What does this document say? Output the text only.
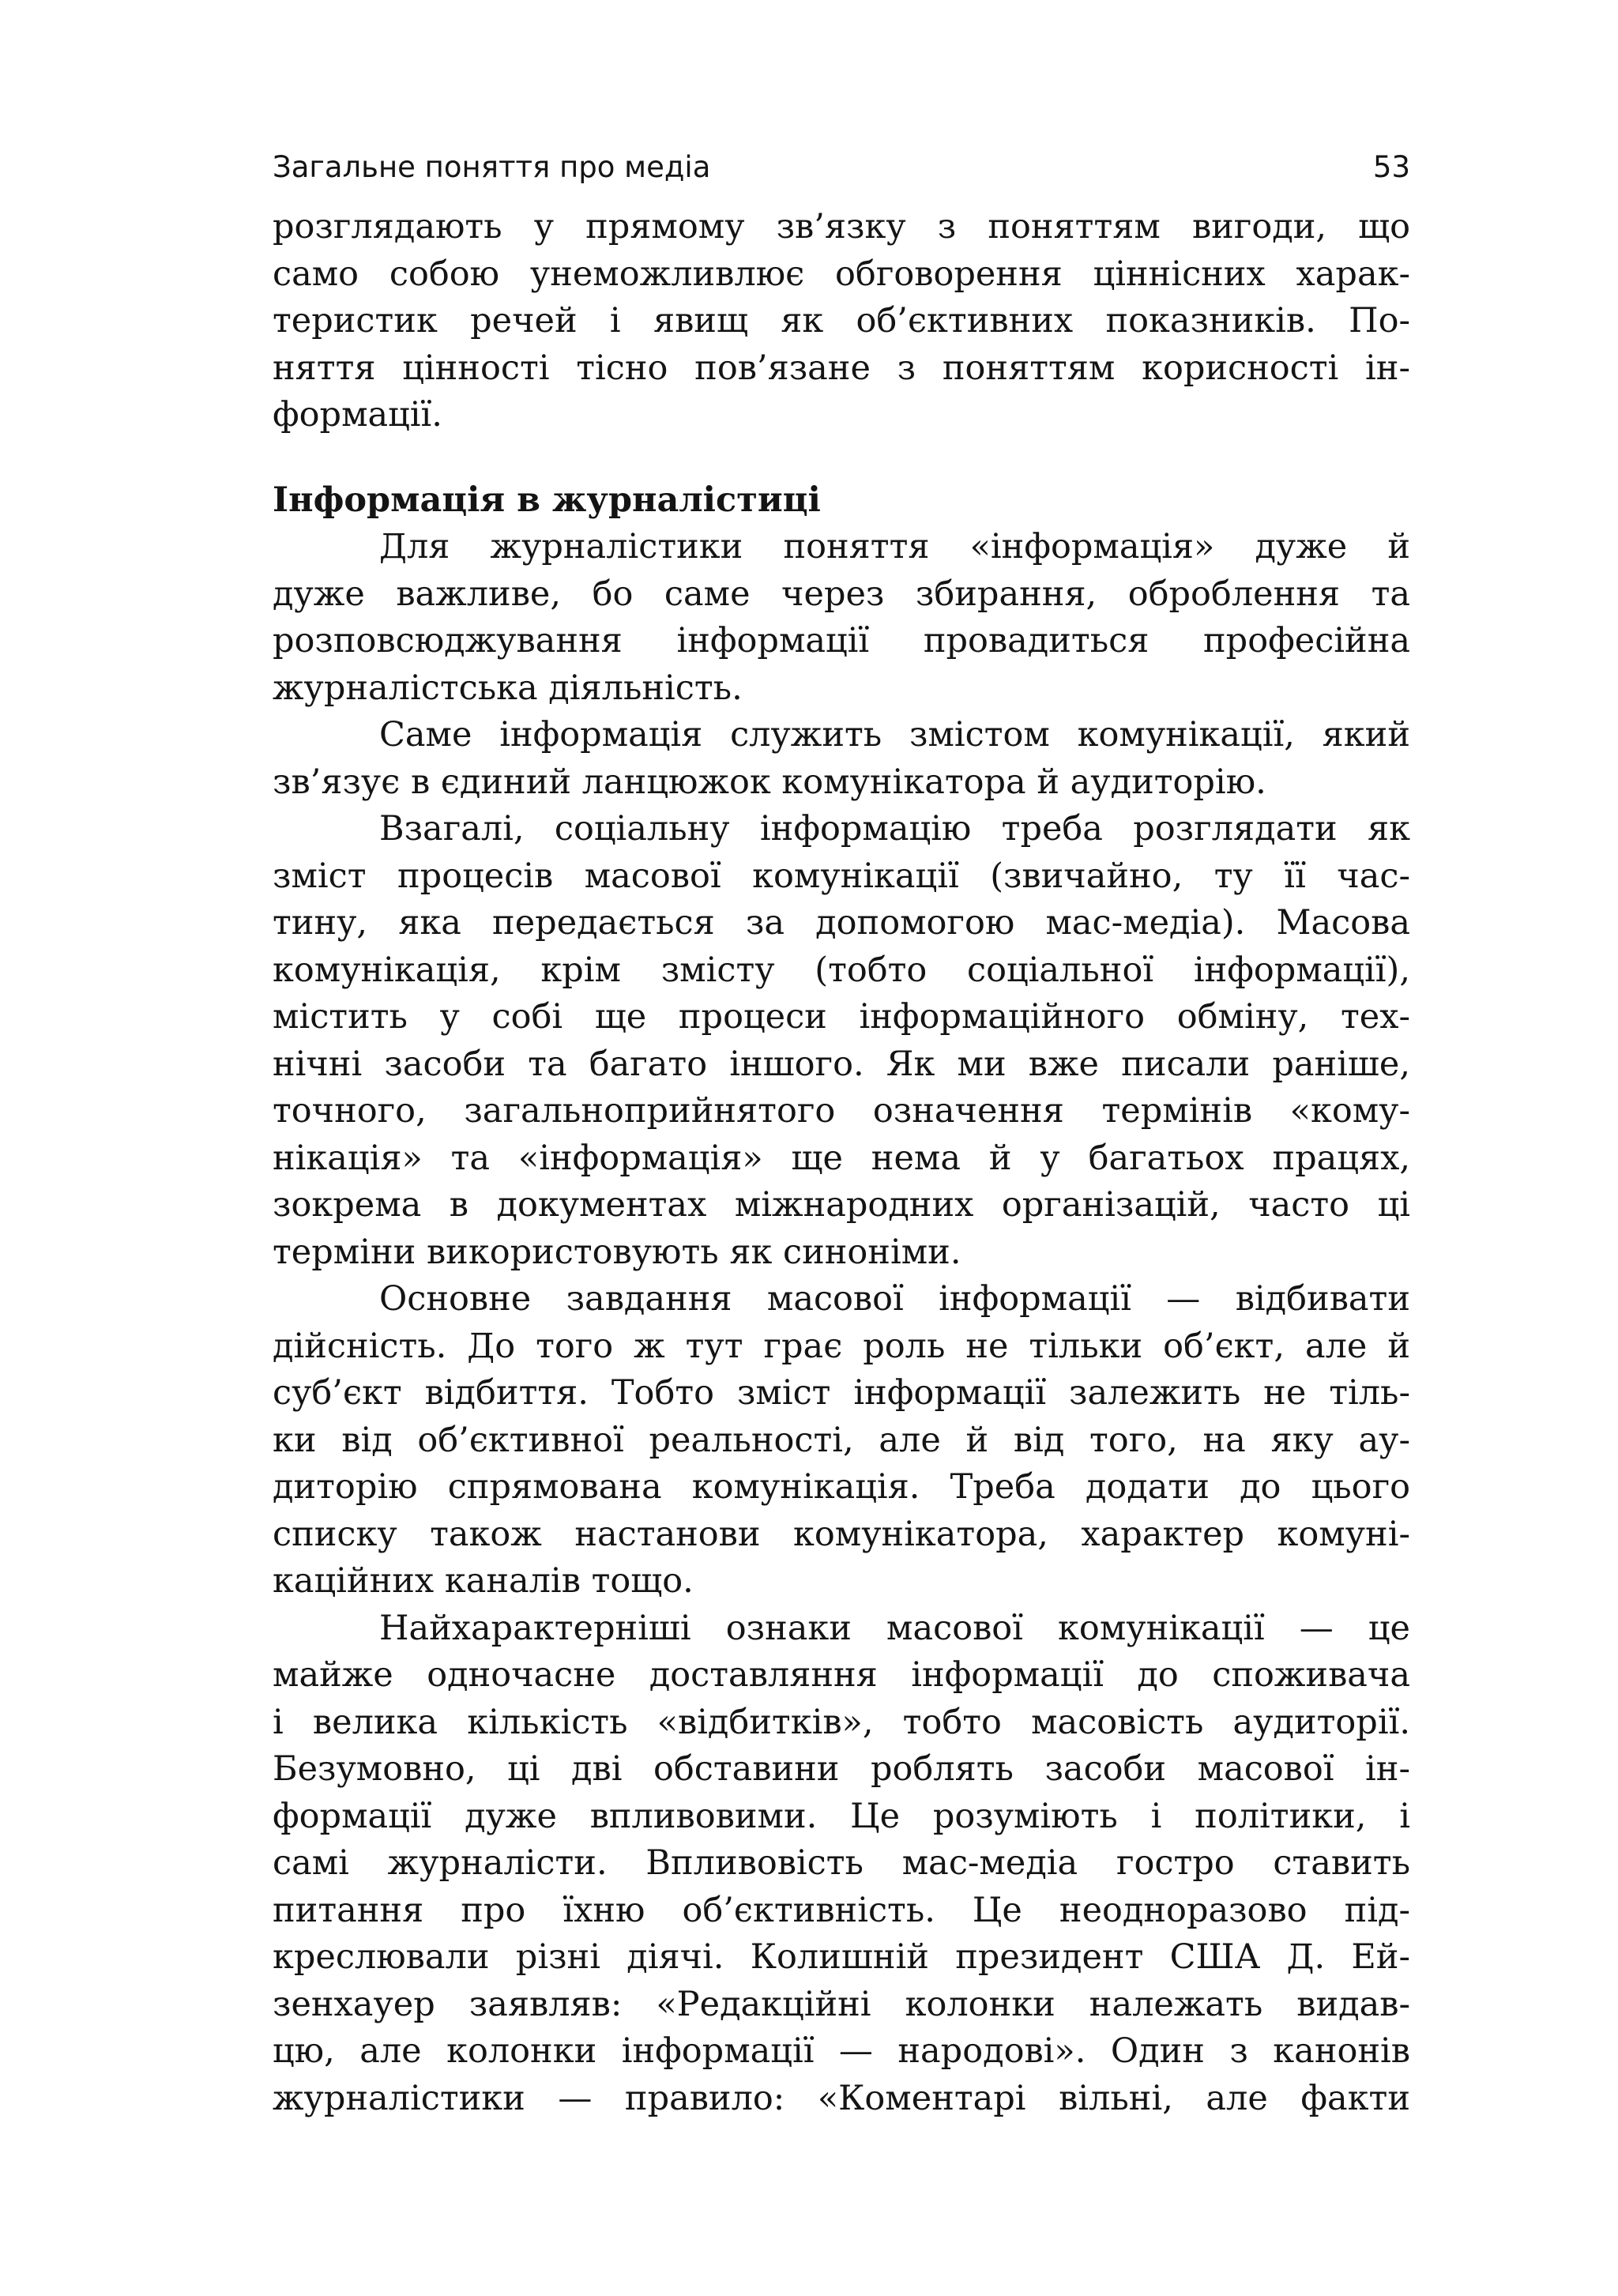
Загальне поняття про медіа	53
розглядають у прямому зв’язку з поняттям вигоди, що
само собою унеможливлює обговорення ціннісних харак-
теристик речей і явищ як об’єктивних показників. По-
няття цінності тісно пов’язане з поняттям корисності ін-
формації.
Інформація в журналістиці
Для журналістики поняття «інформація» дуже й
дуже важливе, бо саме через збирання, оброблення та
розповсюджування інформації провадиться професійна
журналістська діяльність.
Саме інформація служить змістом комунікації, який
зв’язує в єдиний ланцюжок комунікатора й аудиторію.
Взагалі, соціальну інформацію треба розглядати як
зміст процесів масової комунікації (звичайно, ту її час-
тину, яка передається за допомогою мас-медіа). Масова
комунікація, крім змісту (тобто соціальної інформації),
містить у собі ще процеси інформаційного обміну, тех-
нічні засоби та багато іншого. Як ми вже писали раніше,
точного, загальноприйнятого означення термінів «кому-
нікація» та «інформація» ще нема й у багатьох працях,
зокрема в документах міжнародних організацій, часто ці
терміни використовують як синоніми.
Основне завдання масової інформації — відбивати
дійсність. До того ж тут грає роль не тільки об’єкт, але й
суб’єкт відбиття. Тобто зміст інформації залежить не тіль-
ки від об’єктивної реальності, але й від того, на яку ау-
диторію спрямована комунікація. Треба додати до цього
списку також настанови комунікатора, характер комуні-
каційних каналів тощо.
Найхарактерніші ознаки масової комунікації — це
майже одночасне доставляння інформації до споживача
і велика кількість «відбитків», тобто масовість аудиторії.
Безумовно, ці дві обставини роблять засоби масової ін-
формації дуже впливовими. Це розуміють і політики, і
самі журналісти. Впливовість мас-медіа гостро ставить
питання про їхню об’єктивність. Це неодноразово під-
креслювали різні діячі. Колишній президент США Д. Ей-
зенхауер заявляв: «Редакційні колонки належать видав-
цю, але колонки інформації — народові». Один з канонів
журналістики — правило: «Коментарі вільні, але факти
